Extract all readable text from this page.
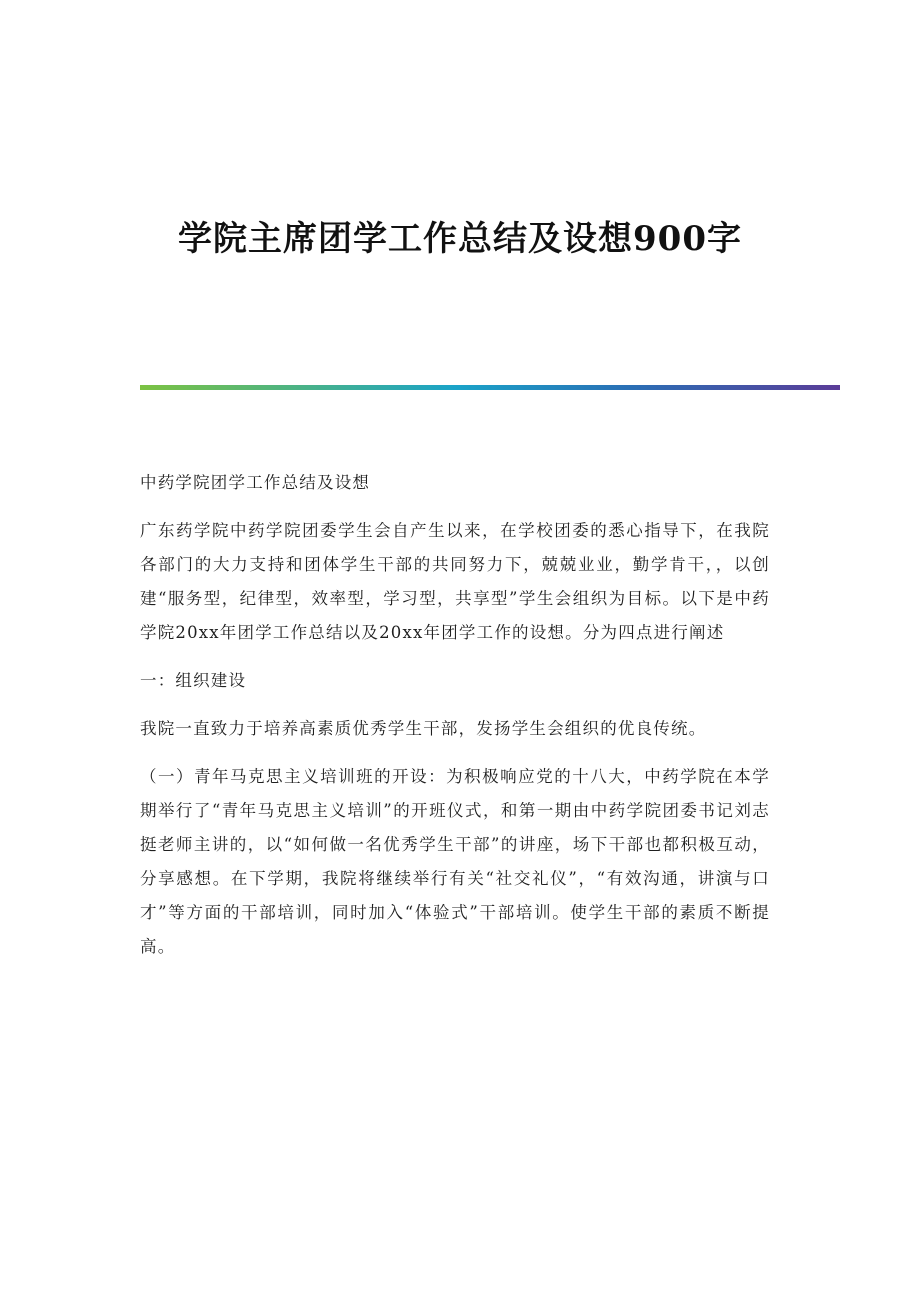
学院主席团学工作总结及设想900字

中药学院团学工作总结及设想

广东药学院中药学院团委学生会自产生以来，在学校团委的悉心指导下，在我院各部门的大力支持和团体学生干部的共同努力下，兢兢业业，勤学肯干，，以创建“服务型，纪律型，效率型，学习型，共享型”学生会组织为目标。以下是中药学院20xx年团学工作总结以及20xx年团学工作的设想。分为四点进行阐述

一：组织建设

我院一直致力于培养高素质优秀学生干部，发扬学生会组织的优良传统。

（一）青年马克思主义培训班的开设：为积极响应党的十八大，中药学院在本学期举行了“青年马克思主义培训”的开班仪式，和第一期由中药学院团委书记刘志挺老师主讲的，以“如何做一名优秀学生干部”的讲座，场下干部也都积极互动，分享感想。在下学期，我院将继续举行有关“社交礼仪”，“有效沟通，讲演与口才”等方面的干部培训，同时加入“体验式”干部培训。使学生干部的素质不断提高。
